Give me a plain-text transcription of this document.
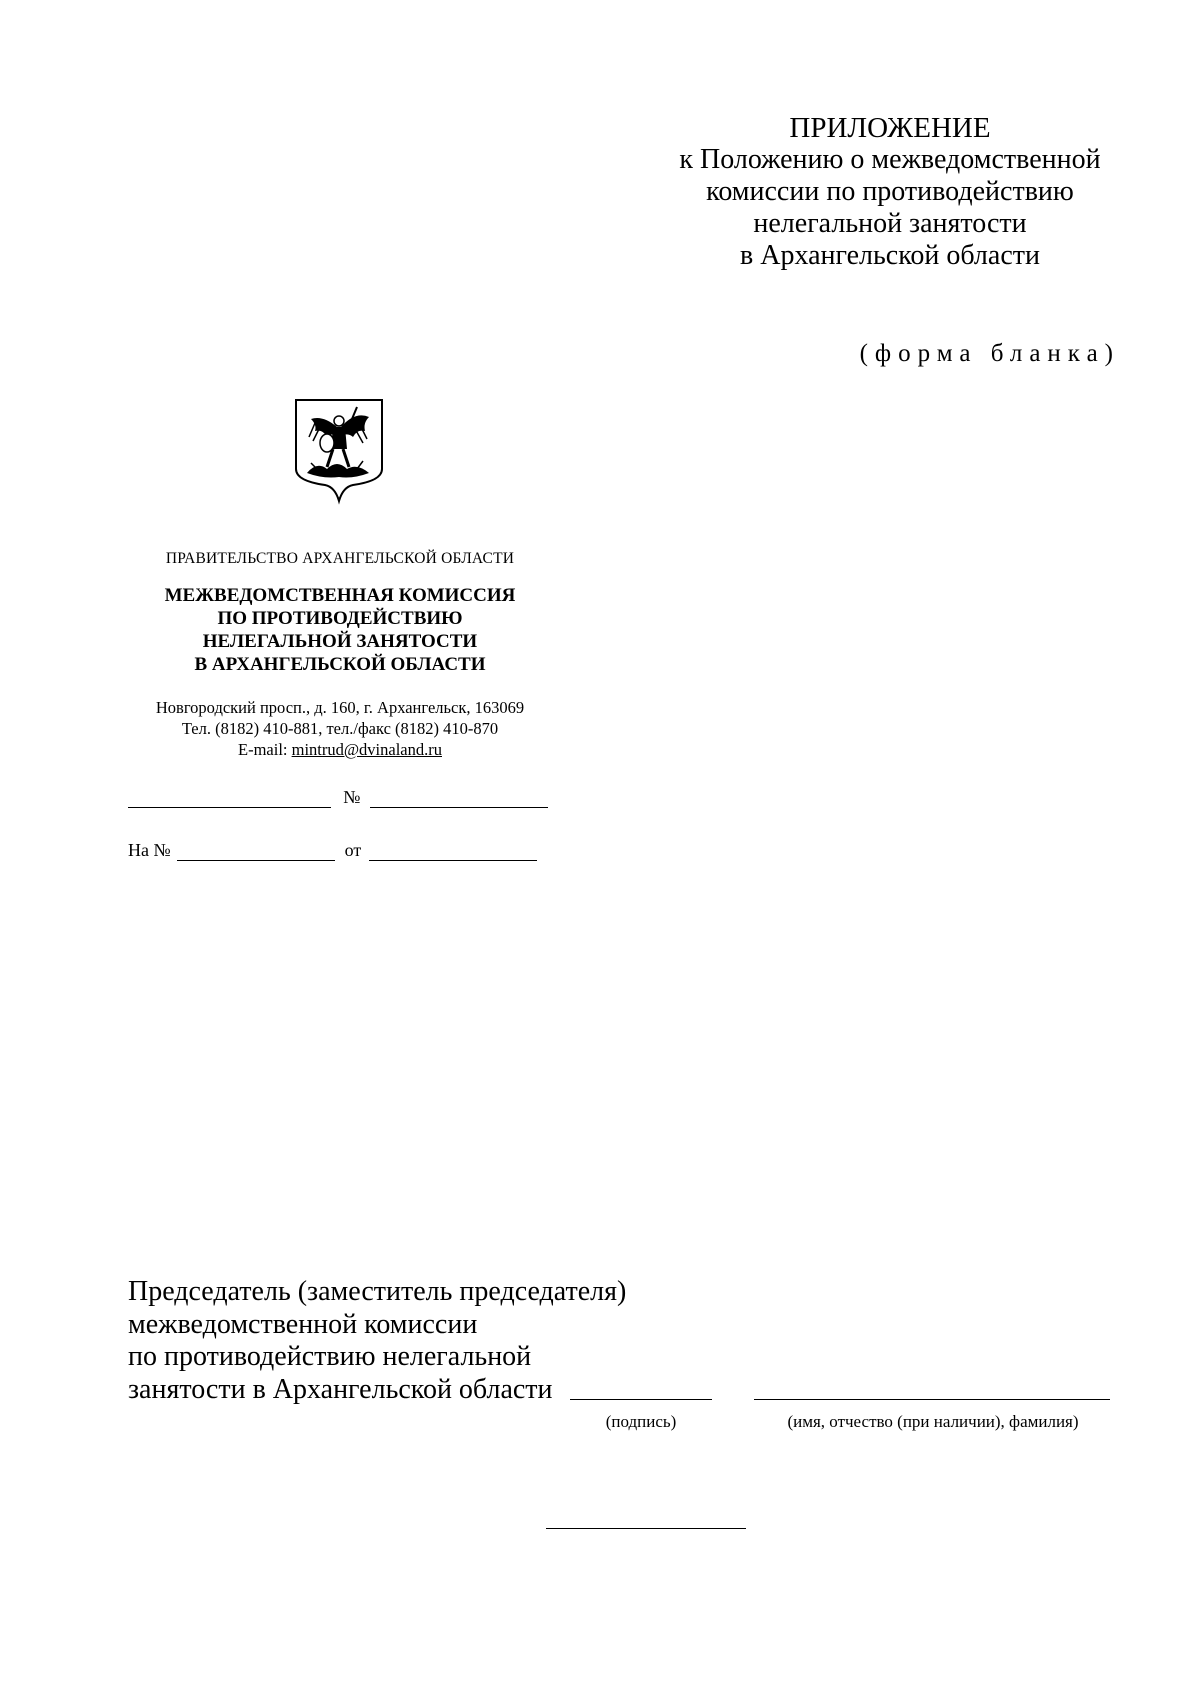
ПРИЛОЖЕНИЕ
к Положению о межведомственной
комиссии по противодействию
нелегальной занятости
в Архангельской области
(форма бланка)
ПРАВИТЕЛЬСТВО АРХАНГЕЛЬСКОЙ ОБЛАСТИ
МЕЖВЕДОМСТВЕННАЯ КОМИССИЯ
ПО ПРОТИВОДЕЙСТВИЮ
НЕЛЕГАЛЬНОЙ ЗАНЯТОСТИ
В АРХАНГЕЛЬСКОЙ ОБЛАСТИ
Новгородский просп., д. 160, г. Архангельск, 163069
Тел. (8182) 410-881, тел./факс (8182) 410-870
E-mail: mintrud@dvinaland.ru
№
На №	от
Председатель (заместитель председателя)
межведомственной комиссии
по противодействию нелегальной
занятости в Архангельской области
(подпись)	(имя, отчество (при наличии), фамилия)
